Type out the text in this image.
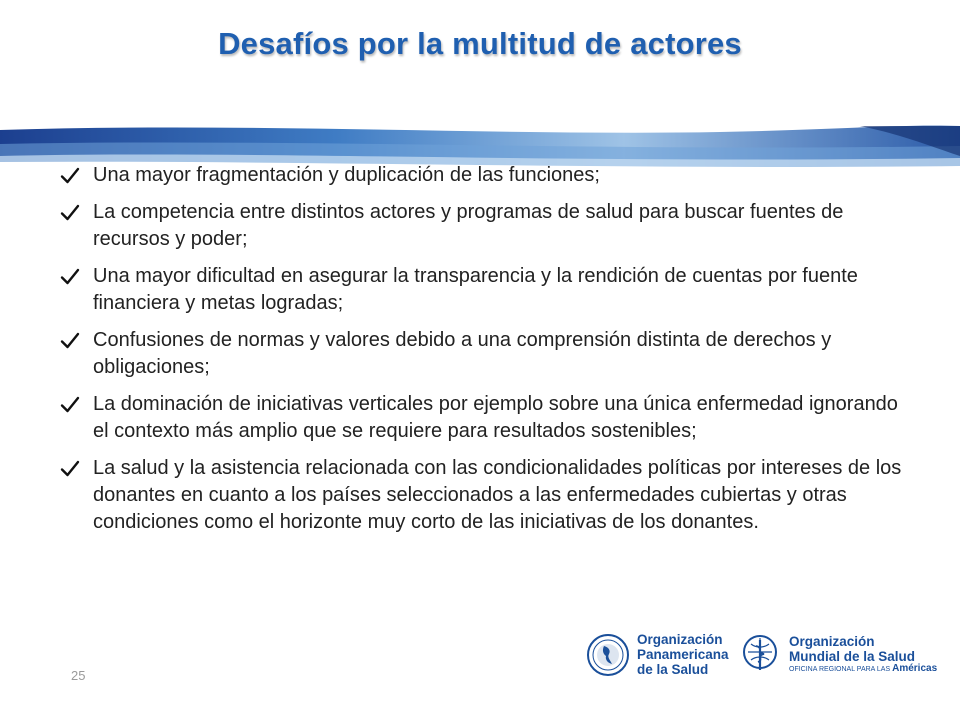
Desafíos por la multitud de actores
Una mayor fragmentación y duplicación de las funciones;
La competencia entre distintos actores y programas de salud para buscar fuentes de recursos y poder;
Una mayor dificultad en asegurar la transparencia y la rendición de cuentas por fuente financiera y metas logradas;
Confusiones de normas y valores debido a una comprensión distinta de derechos y obligaciones;
La dominación de iniciativas verticales por ejemplo sobre una única enfermedad ignorando el contexto más amplio que se requiere para resultados sostenibles;
La salud y la asistencia relacionada con las condicionalidades políticas por intereses de los donantes en cuanto a los países seleccionados a las enfermedades cubiertas y otras condiciones como el horizonte muy corto de las iniciativas de los donantes.
25
Organización
Panamericana
de la Salud
Organización
Mundial de la Salud
OFICINA REGIONAL PARA LAS Américas
